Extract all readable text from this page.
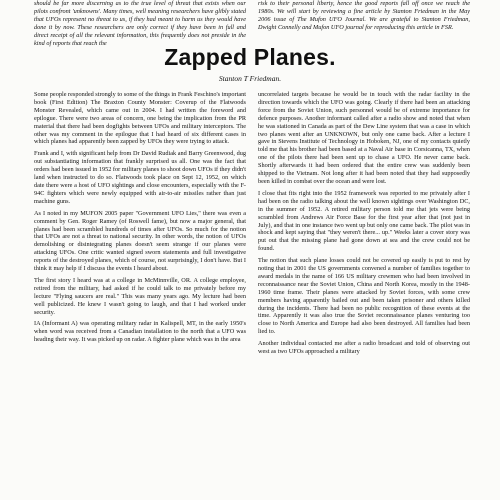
should be far more discerning as to the true level of threat that exists when our pilots confront 'unknowns'. Many times, well meaning researchers have glibly stated that UFOs represent no threat to us, if they had meant to harm us they would have done it by now. These researchers are only correct if they have been in full and direct receipt of all the relevant information, this frequently does not preside in the kind of reports that reach the

risk to their personal liberty, hence the good reports fall off once we reach the 1980s. We will start by reviewing a fine article by Stanton Friedman in the May 2006 issue of The Mufon UFO Journal. We are grateful to Stanton Friedman, Dwight Connelly and Mufon UFO journal for reproducing this article in FSR.

Zapped Planes.
Stanton T Friedman.

Some people responded strongly to some of the things in Frank Feschino's important book (First Edition) The Braxton County Monster: Coverup of the Flatwoods Monster Revealed, which came out in 2004. I had written the foreword and epilogue. There were two areas of concern, one being the implication from the PR material that there had been dogfights between UFOs and military interceptors. The other was my comment in the epilogue that I had heard of six different cases in which planes had apparently been zapped by UFOs they were trying to attack.

Frank and I, with significant help from Dr David Rudiak and Barry Greenwood, dug out substantiating information that frankly surprised us all. One was the fact that orders had been issued in 1952 for military planes to shoot down UFOs if they didn't land when instructed to do so. Flatwoods took place on Sept 12, 1952, on which date there were a host of UFO sightings and close encounters, especially with the F-94C fighters which were newly equipped with air-to-air missiles rather than just machine guns.

As I noted in my MUFON 2005 paper "Government UFO Lies," there was even a comment by Gen. Roger Ramey (of Roswell fame), but now a major general, that planes had been scrambled hundreds of times after UFOs. So much for the notion that UFOs are not a threat to national security. In other words, the notion of UFOs demolishing or disintegrating planes doesn't seem strange if our planes were attacking UFOs. One critic wanted signed sworn statements and full investigative reports of the destroyed planes, which of course, not surprisingly, I don't have. But I think it may help if I discuss the events I heard about.

The first story I heard was at a college in McMinnville, OR. A college employee, retired from the military, had asked if he could talk to me privately before my lecture "Flying saucers are real." This was many years ago. My lecture had been well publicized. He knew I wasn't going to laugh, and that I had worked under security.

IA (Informant A) was operating military radar in Kalispell, MT, in the early 1950's when word was received from a Canadian installation to the north that a UFO was heading their way. It was picked up on radar. A fighter plane which was in the area

uncorrelated targets because he would be in touch with the radar facility in the direction towards which the UFO was going. Clearly if there had been an attacking force from the Soviet Union, such personnel would be of extreme importance for defence purposes. Another informant called after a radio show and noted that when he was stationed in Canada as part of the Dew Line system that was a case in which two planes went after an UNKNOWN, but only one came back. After a lecture I gave in Stevens Institute of Technology in Hoboken, NJ, one of my contacts quietly told me that his brother had been based at a Naval Air base in Corsicanna, TX, when one of the pilots there had been sent up to chase a UFO. He never came back. Shortly afterwards it had been ordered that the entire crew was suddenly been shipped to the Vietnam. Not long after it had been noted that they had supposedly been killed in combat over the ocean and were lost.

I close that fits right into the 1952 framework was reported to me privately after I had been on the radio talking about the well known sightings over Washington DC, in the summer of 1952. A retired military person told me that jets were being scrambled from Andrews Air Force Base for the first year after that (not just in July), and that in one instance two went up but only one came back. The pilot was in shock and kept saying that "they weren't there... up." Weeks later a cover story was put out that the missing plane had gone down at sea and the crew could not be found.

The notion that such plane losses could not be covered up easily is put to rest by noting that in 2001 the US governments convened a number of families together to award medals in the name of 166 US military crewmen who had been involved in reconnaissance near the Soviet Union, China and North Korea, mostly in the 1948-1960 time frame. Their planes were attacked by Soviet forces, with some crew members having apparently bailed out and been taken prisoner and others killed during the incidents. There had been no public recognition of these events at the time. Apparently it was also true the Soviet reconnaissance planes venturing too close to North America and Europe had also been destroyed. All families had been lied to.

Another individual contacted me after a radio broadcast and told of observing out west as two UFOs approached a military
